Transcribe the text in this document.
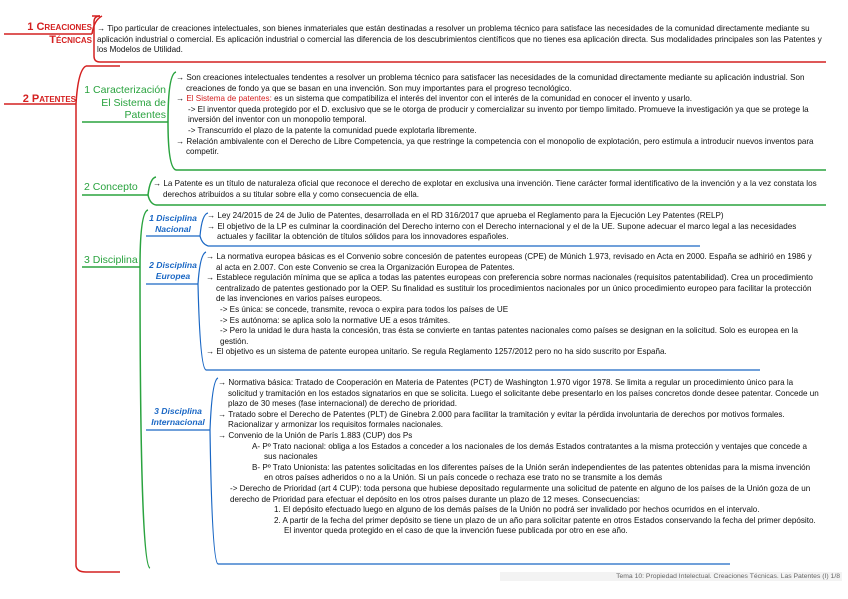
1 Creaciones
Técnicas
→ Tipo particular de creaciones intelectuales, son bienes inmateriales que están destinadas a resolver un problema técnico para satisface las necesidades de la comunidad directamente mediante su aplicación industrial o comercial. Es aplicación industrial o comercial las diferencia de los descubrimientos científicos que no tienes esa aplicación directa. Sus modalidades principales son las Patentes y los Modelos de Utilidad.
2 Patentes
1 Caracterización
El Sistema de
Patentes
→ Son creaciones intelectuales tendentes a resolver un problema técnico para satisfacer las necesidades de la comunidad directamente mediante su aplicación industrial. Son creaciones de fondo ya que se basan en una invención. Son muy importantes para el progreso tecnológico.
→ El Sistema de patentes: es un sistema que compatibiliza el interés del inventor con el interés de la comunidad en conocer el invento y usarlo.
-> El inventor queda protegido por el D. exclusivo que se le otorga de producir y comercializar su invento por tiempo limitado. Promueve la investigación ya que se protege la inversión del inventor con un monopolio temporal.
-> Transcurrido el plazo de la patente la comunidad puede explotarla libremente.
→ Relación ambivalente con el Derecho de Libre Competencia, ya que restringe la competencia con el monopolio de explotación, pero estimula a introducir nuevos inventos para competir.
2 Concepto	→ La Patente es un título de naturaleza oficial que reconoce el derecho de explotar en exclusiva una invención. Tiene carácter formal identificativo de la invención y a la vez constata los derechos atribuidos a su titular sobre ella y como consecuencia de ella.
3 Disciplina
1 Disciplina
Nacional
→ Ley 24/2015 de 24 de Julio de Patentes, desarrollada en el RD 316/2017 que aprueba el Reglamento para la Ejecución Ley Patentes (RELP)
→ El objetivo de la LP es culminar la coordinación del Derecho interno con el Derecho internacional y el de la UE. Supone adecuar el marco legal a las necesidades actuales y facilitar la obtención de títulos sólidos para los innovadores españoles.
2 Disciplina
Europea
→ La normativa europea básicas es el Convenio sobre concesión de patentes europeas (CPE) de Múnich 1.973, revisado en Acta en 2000. España se adhirió en 1986 y al acta en 2.007. Con este Convenio se crea la Organización Europea de Patentes.
→ Establece regulación mínima que se aplica a todas las patentes europeas con preferencia sobre normas nacionales (requisitos patentabilidad). Crea un procedimiento centralizado de patentes gestionado por la OEP. Su finalidad es sustituir los procedimientos nacionales por un único procedimiento europeo para facilitar la protección de las invenciones en varios países europeos.
-> Es única: se concede, transmite, revoca o expira para todos los países de UE
-> Es autónoma: se aplica solo la normative UE a esos trámites.
-> Pero la unidad le dura hasta la concesión, tras ésta se convierte en tantas patentes nacionales como países se designan en la solicitud. Solo es europea en la gestión.
→ El objetivo es un sistema de patente europea unitario. Se regula Reglamento 1257/2012 pero no ha sido suscrito por España.
3 Disciplina
Internacional
→ Normativa básica: Tratado de Cooperación en Materia de Patentes (PCT) de Washington 1.970 vigor 1978. Se limita a regular un procedimiento único para la solicitud y tramitación en los estados signatarios en que se solicita. Luego el solicitante debe presentarlo en los países concretos donde desee patentar. Concede un plazo de 30 meses (fase internacional) de derecho de prioridad.
→ Tratado sobre el Derecho de Patentes (PLT) de Ginebra 2.000 para facilitar la tramitación y evitar la pérdida involuntaria de derechos por motivos formales. Racionalizar y armonizar los requisitos formales nacionales.
→ Convenio de la Unión de París 1.883 (CUP) dos Ps
A- Pº Trato nacional: obliga a los Estados a conceder a los nacionales de los demás Estados contratantes a la misma protección y ventajes que concede a sus nacionales
B- Pº Trato Unionista: las patentes solicitadas en los diferentes países de la Unión serán independientes de las patentes obtenidas para la misma invención en otros países adheridos o no a la Unión. Si un país concede o rechaza ese trato no se transmite a los demás
-> Derecho de Prioridad (art 4 CUP): toda persona que hubiese depositado regularmente una solicitud de patente en alguno de los países de la Unión goza de un derecho de Prioridad para efectuar el depósito en los otros países durante un plazo de 12 meses. Consecuencias:
1. El depósito efectuado luego en alguno de los demás países de la Unión no podrá ser invalidado por hechos ocurridos en el intervalo.
2. A partir de la fecha del primer depósito se tiene un plazo de un año para solicitar patente en otros Estados conservando la fecha del primer depósito. El inventor queda protegido en el caso de que la invención fuese publicada por otro en ese año.
Tema 10: Propiedad Intelectual. Creaciones Técnicas. Las Patentes (I) 1/8
